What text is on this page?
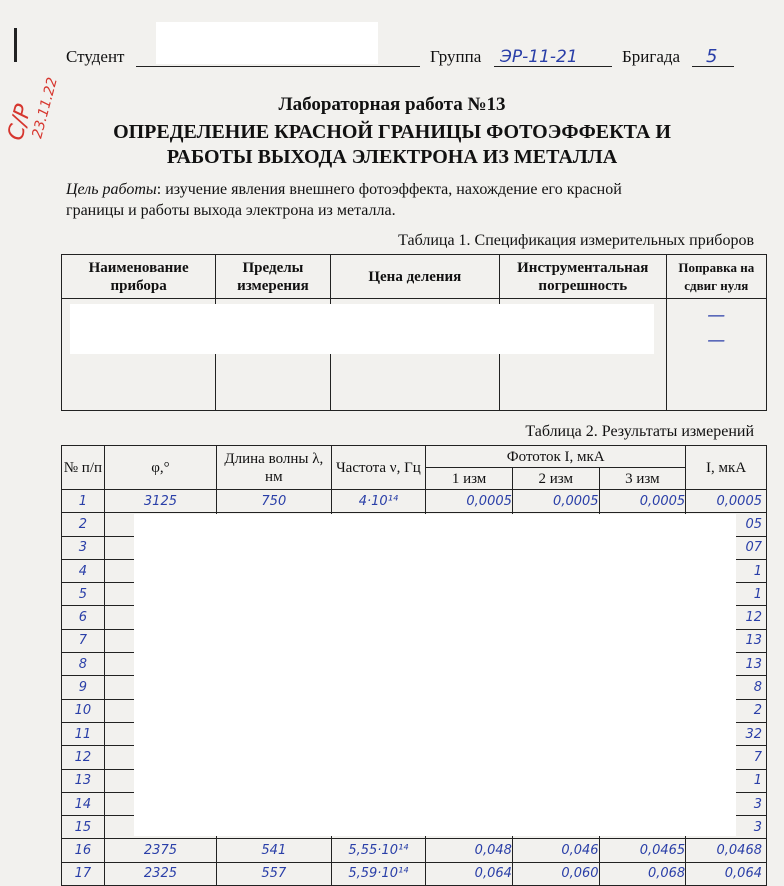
С/Р
23.11.22
Студент	Группа ЭР-11-21	Бригада 5
Лабораторная работа №13
ОПРЕДЕЛЕНИЕ КРАСНОЙ ГРАНИЦЫ ФОТОЭФФЕКТА И
РАБОТЫ ВЫХОДА ЭЛЕКТРОНА ИЗ МЕТАЛЛА
Цель работы: изучение явления внешнего фотоэффекта, нахождение его красной
границы и работы выхода электрона из металла.
Таблица 1. Спецификация измерительных приборов
Наименование прибора	Пределы измерения	Цена деления	Инструментальная погрешность	Поправка на сдвиг нуля

				—
—
Таблица 2. Результаты измерений
№ п/п	φ,°	Длина волны λ, нм	Частота ν, Гц	Фототок I, мкА			I, мкА
				1 изм	2 изм	3 изм	
1	3125	750	4·10¹⁴	0,0005	0,0005	0,0005	0,0005
2							05
3							07
4							1
5							1
6							12
7							13
8							13
9							8
10							2
11							32
12							7
13							1
14							3
15							3
16	2375	541	5,55·10¹⁴	0,048	0,046	0,0465	0,0468
17	2325	557	5,59·10¹⁴	0,064	0,060	0,068	0,064
